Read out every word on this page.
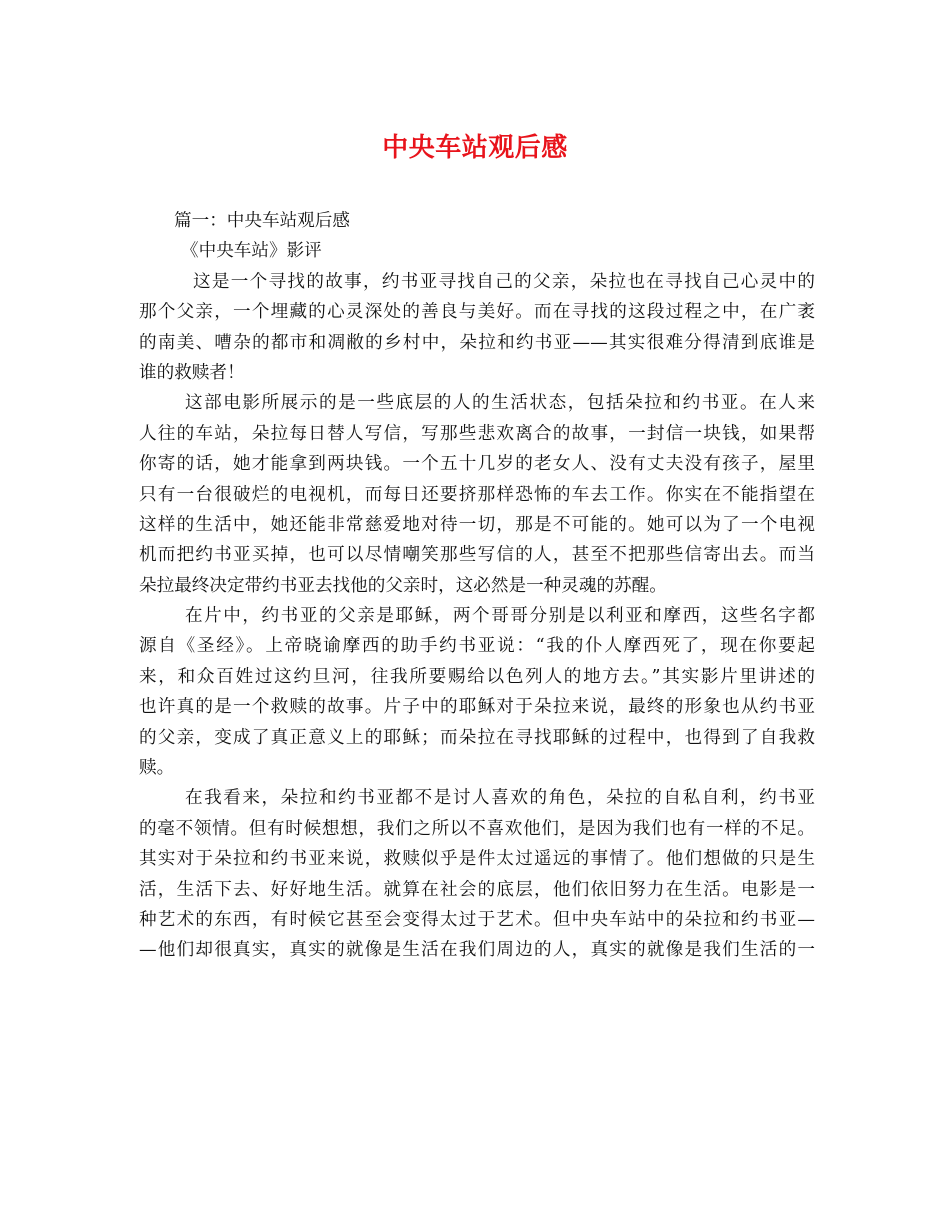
中央车站观后感
篇一：中央车站观后感
《中央车站》影评
这是一个寻找的故事，约书亚寻找自己的父亲，朵拉也在寻找自己心灵中的
那个父亲，一个埋藏的心灵深处的善良与美好。而在寻找的这段过程之中，在广袤
的南美、嘈杂的都市和凋敝的乡村中，朵拉和约书亚——其实很难分得清到底谁是
谁的救赎者！
这部电影所展示的是一些底层的人的生活状态，包括朵拉和约书亚。在人来
人往的车站，朵拉每日替人写信，写那些悲欢离合的故事，一封信一块钱，如果帮
你寄的话，她才能拿到两块钱。一个五十几岁的老女人、没有丈夫没有孩子，屋里
只有一台很破烂的电视机，而每日还要挤那样恐怖的车去工作。你实在不能指望在
这样的生活中，她还能非常慈爱地对待一切，那是不可能的。她可以为了一个电视
机而把约书亚买掉，也可以尽情嘲笑那些写信的人，甚至不把那些信寄出去。而当
朵拉最终决定带约书亚去找他的父亲时，这必然是一种灵魂的苏醒。
在片中，约书亚的父亲是耶稣，两个哥哥分别是以利亚和摩西，这些名字都
源自《圣经》。上帝晓谕摩西的助手约书亚说：“我的仆人摩西死了，现在你要起
来，和众百姓过这约旦河，往我所要赐给以色列人的地方去。”其实影片里讲述的
也许真的是一个救赎的故事。片子中的耶稣对于朵拉来说，最终的形象也从约书亚
的父亲，变成了真正意义上的耶稣；而朵拉在寻找耶稣的过程中，也得到了自我救
赎。
在我看来，朵拉和约书亚都不是讨人喜欢的角色，朵拉的自私自利，约书亚
的毫不领情。但有时候想想，我们之所以不喜欢他们，是因为我们也有一样的不足。
其实对于朵拉和约书亚来说，救赎似乎是件太过遥远的事情了。他们想做的只是生
活，生活下去、好好地生活。就算在社会的底层，他们依旧努力在生活。电影是一
种艺术的东西，有时候它甚至会变得太过于艺术。但中央车站中的朵拉和约书亚—
—他们却很真实，真实的就像是生活在我们周边的人，真实的就像是我们生活的一
